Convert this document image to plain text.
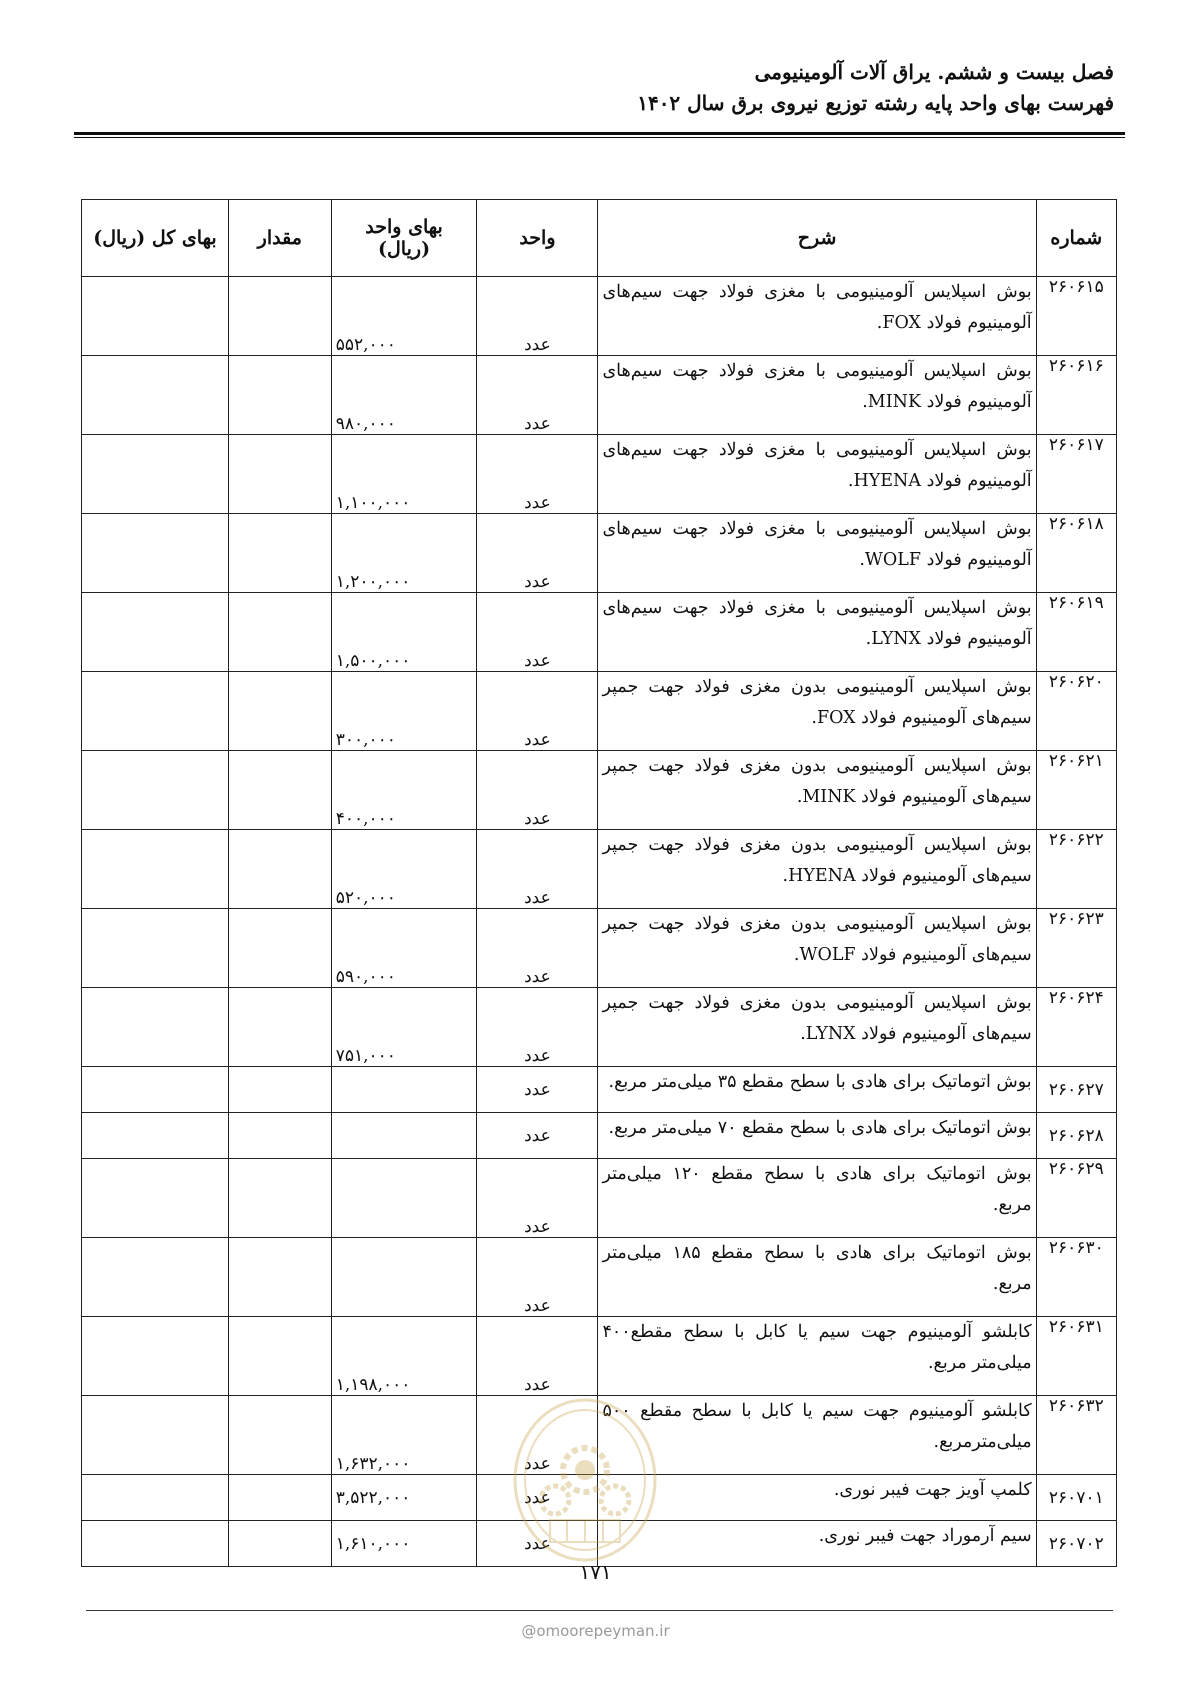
فصل بیست و ششم. یراق آلات آلومینیومی
فهرست بهای واحد پایه رشته توزیع نیروی برق سال ۱۴۰۲
شماره	شرح	واحد	بهای واحد (ریال)	مقدار	بهای کل (ریال)
۲۶۰۶۱۵	بوش اسپلایس آلومینیومی با مغزی فولاد جهت سیم‌های آلومینیوم فولاد FOX.	عدد	۵۵۲,۰۰۰		
۲۶۰۶۱۶	بوش اسپلایس آلومینیومی با مغزی فولاد جهت سیم‌های آلومینیوم فولاد MINK.	عدد	۹۸۰,۰۰۰		
۲۶۰۶۱۷	بوش اسپلایس آلومینیومی با مغزی فولاد جهت سیم‌های آلومینیوم فولاد HYENA.	عدد	۱,۱۰۰,۰۰۰		
۲۶۰۶۱۸	بوش اسپلایس آلومینیومی با مغزی فولاد جهت سیم‌های آلومینیوم فولاد WOLF.	عدد	۱,۲۰۰,۰۰۰		
۲۶۰۶۱۹	بوش اسپلایس آلومینیومی با مغزی فولاد جهت سیم‌های آلومینیوم فولاد LYNX.	عدد	۱,۵۰۰,۰۰۰		
۲۶۰۶۲۰	بوش اسپلایس آلومینیومی بدون مغزی فولاد جهت جمپر سیم‌های آلومینیوم فولاد FOX.	عدد	۳۰۰,۰۰۰		
۲۶۰۶۲۱	بوش اسپلایس آلومینیومی بدون مغزی فولاد جهت جمپر سیم‌های آلومینیوم فولاد MINK.	عدد	۴۰۰,۰۰۰		
۲۶۰۶۲۲	بوش اسپلایس آلومینیومی بدون مغزی فولاد جهت جمپر سیم‌های آلومینیوم فولاد HYENA.	عدد	۵۲۰,۰۰۰		
۲۶۰۶۲۳	بوش اسپلایس آلومینیومی بدون مغزی فولاد جهت جمپر سیم‌های آلومینیوم فولاد WOLF.	عدد	۵۹۰,۰۰۰		
۲۶۰۶۲۴	بوش اسپلایس آلومینیومی بدون مغزی فولاد جهت جمپر سیم‌های آلومینیوم فولاد LYNX.	عدد	۷۵۱,۰۰۰		
۲۶۰۶۲۷	بوش اتوماتیک برای هادی با سطح مقطع ۳۵ میلی‌متر مربع.	عدد			
۲۶۰۶۲۸	بوش اتوماتیک برای هادی با سطح مقطع ۷۰ میلی‌متر مربع.	عدد			
۲۶۰۶۲۹	بوش اتوماتیک برای هادی با سطح مقطع ۱۲۰ میلی‌متر مربع.	عدد			
۲۶۰۶۳۰	بوش اتوماتیک برای هادی با سطح مقطع ۱۸۵ میلی‌متر مربع.	عدد			
۲۶۰۶۳۱	کابلشو آلومینیوم جهت سیم یا کابل با سطح مقطع۴۰۰ میلی‌متر مربع.	عدد	۱,۱۹۸,۰۰۰		
۲۶۰۶۳۲	کابلشو آلومینیوم جهت سیم یا کابل با سطح مقطع ۵۰۰ میلی‌مترمربع.	عدد	۱,۶۳۲,۰۰۰		
۲۶۰۷۰۱	کلمپ آویز جهت فیبر نوری.	عدد	۳,۵۲۲,۰۰۰		
۲۶۰۷۰۲	سیم آرموراد جهت فیبر نوری.	عدد	۱,۶۱۰,۰۰۰		
۱۷۱
@omoorepeyman.ir
